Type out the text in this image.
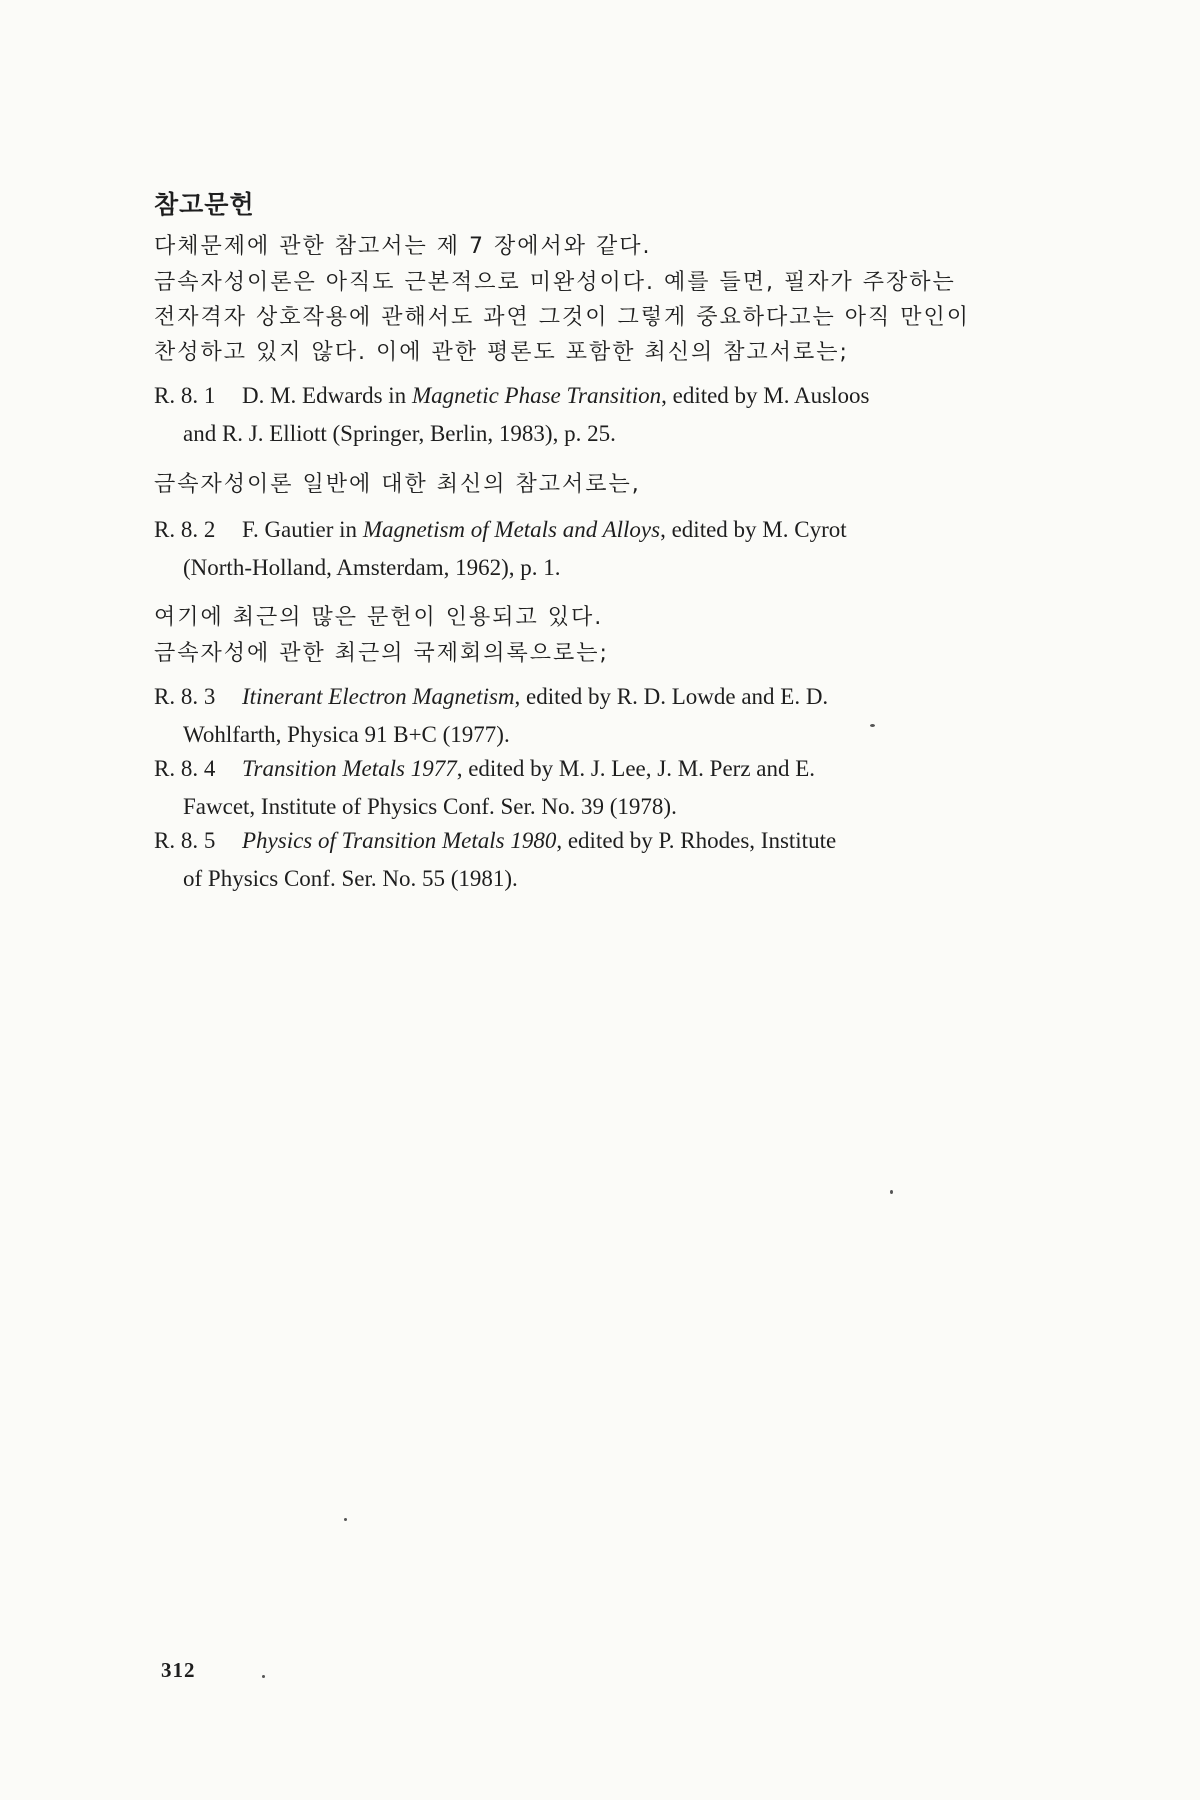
참고문헌

다체문제에 관한 참고서는 제 7 장에서와 같다.

금속자성이론은 아직도 근본적으로 미완성이다. 예를 들면, 필자가 주장하는

전자격자 상호작용에 관해서도 과연 그것이 그렇게 중요하다고는 아직 만인이

찬성하고 있지 않다. 이에 관한 평론도 포함한 최신의 참고서로는;

R. 8. 1 D. M. Edwards in Magnetic Phase Transition, edited by M. Ausloos
and R. J. Elliott (Springer, Berlin, 1983), p. 25.

금속자성이론 일반에 대한 최신의 참고서로는,

R. 8. 2 F. Gautier in Magnetism of Metals and Alloys, edited by M. Cyrot
(North-Holland, Amsterdam, 1962), p. 1.

여기에 최근의 많은 문헌이 인용되고 있다.

금속자성에 관한 최근의 국제회의록으로는;

R. 8. 3 Itinerant Electron Magnetism, edited by R. D. Lowde and E. D.
Wohlfarth, Physica 91 B+C (1977).
R. 8. 4 Transition Metals 1977, edited by M. J. Lee, J. M. Perz and E.
Fawcet, Institute of Physics Conf. Ser. No. 39 (1978).
R. 8. 5 Physics of Transition Metals 1980, edited by P. Rhodes, Institute
of Physics Conf. Ser. No. 55 (1981).

312
